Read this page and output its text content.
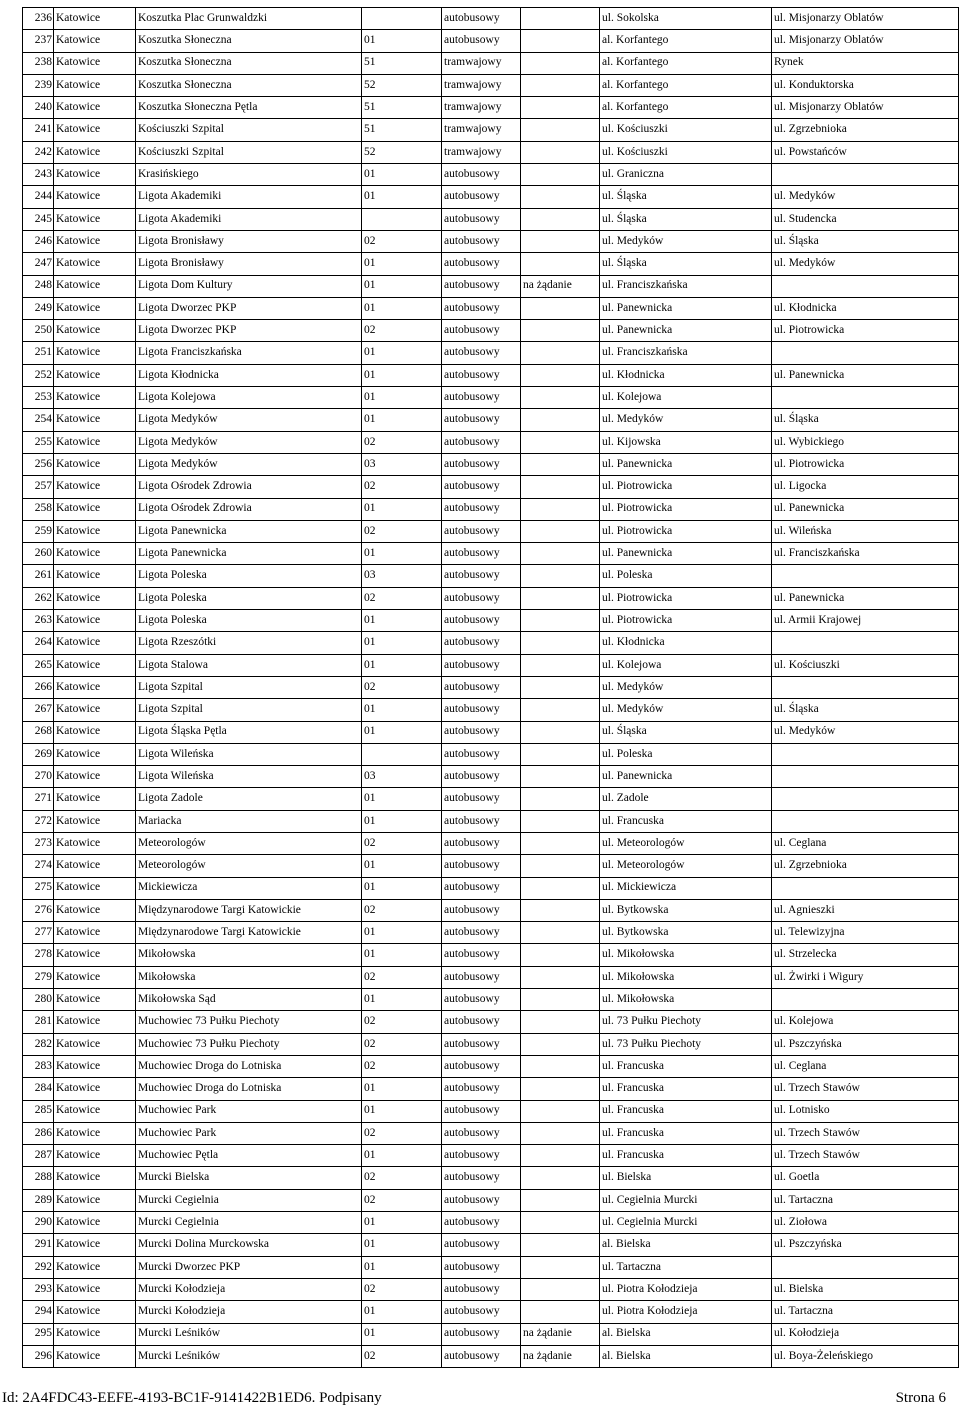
236	Katowice	Koszutka Plac Grunwaldzki		autobusowy		ul. Sokolska	ul. Misjonarzy Oblatów
237	Katowice	Koszutka Słoneczna	01	autobusowy		al. Korfantego	ul. Misjonarzy Oblatów
238	Katowice	Koszutka Słoneczna	51	tramwajowy		al. Korfantego	Rynek
239	Katowice	Koszutka Słoneczna	52	tramwajowy		al. Korfantego	ul. Konduktorska
240	Katowice	Koszutka Słoneczna Pętla	51	tramwajowy		al. Korfantego	ul. Misjonarzy Oblatów
241	Katowice	Kościuszki Szpital	51	tramwajowy		ul. Kościuszki	ul. Zgrzebnioka
242	Katowice	Kościuszki Szpital	52	tramwajowy		ul. Kościuszki	ul. Powstańców
243	Katowice	Krasińskiego	01	autobusowy		ul. Graniczna	
244	Katowice	Ligota Akademiki	01	autobusowy		ul. Śląska	ul. Medyków
245	Katowice	Ligota Akademiki		autobusowy		ul. Śląska	ul. Studencka
246	Katowice	Ligota Bronisławy	02	autobusowy		ul. Medyków	ul. Śląska
247	Katowice	Ligota Bronisławy	01	autobusowy		ul. Śląska	ul. Medyków
248	Katowice	Ligota Dom Kultury	01	autobusowy	na żądanie	ul. Franciszkańska	
249	Katowice	Ligota Dworzec PKP	01	autobusowy		ul. Panewnicka	ul. Kłodnicka
250	Katowice	Ligota Dworzec PKP	02	autobusowy		ul. Panewnicka	ul. Piotrowicka
251	Katowice	Ligota Franciszkańska	01	autobusowy		ul. Franciszkańska	
252	Katowice	Ligota Kłodnicka	01	autobusowy		ul. Kłodnicka	ul. Panewnicka
253	Katowice	Ligota Kolejowa	01	autobusowy		ul. Kolejowa	
254	Katowice	Ligota Medyków	01	autobusowy		ul. Medyków	ul. Śląska
255	Katowice	Ligota Medyków	02	autobusowy		ul. Kijowska	ul. Wybickiego
256	Katowice	Ligota Medyków	03	autobusowy		ul. Panewnicka	ul. Piotrowicka
257	Katowice	Ligota Ośrodek Zdrowia	02	autobusowy		ul. Piotrowicka	ul. Ligocka
258	Katowice	Ligota Ośrodek Zdrowia	01	autobusowy		ul. Piotrowicka	ul. Panewnicka
259	Katowice	Ligota Panewnicka	02	autobusowy		ul. Piotrowicka	ul. Wileńska
260	Katowice	Ligota Panewnicka	01	autobusowy		ul. Panewnicka	ul. Franciszkańska
261	Katowice	Ligota Poleska	03	autobusowy		ul. Poleska	
262	Katowice	Ligota Poleska	02	autobusowy		ul. Piotrowicka	ul. Panewnicka
263	Katowice	Ligota Poleska	01	autobusowy		ul. Piotrowicka	ul. Armii Krajowej
264	Katowice	Ligota Rzeszótki	01	autobusowy		ul. Kłodnicka	
265	Katowice	Ligota Stalowa	01	autobusowy		ul. Kolejowa	ul. Kościuszki
266	Katowice	Ligota Szpital	02	autobusowy		ul. Medyków	
267	Katowice	Ligota Szpital	01	autobusowy		ul. Medyków	ul. Śląska
268	Katowice	Ligota Śląska Pętla	01	autobusowy		ul. Śląska	ul. Medyków
269	Katowice	Ligota Wileńska		autobusowy		ul. Poleska	
270	Katowice	Ligota Wileńska	03	autobusowy		ul. Panewnicka	
271	Katowice	Ligota Zadole	01	autobusowy		ul. Zadole	
272	Katowice	Mariacka	01	autobusowy		ul. Francuska	
273	Katowice	Meteorologów	02	autobusowy		ul. Meteorologów	ul. Ceglana
274	Katowice	Meteorologów	01	autobusowy		ul. Meteorologów	ul. Zgrzebnioka
275	Katowice	Mickiewicza	01	autobusowy		ul. Mickiewicza	
276	Katowice	Międzynarodowe Targi Katowickie	02	autobusowy		ul. Bytkowska	ul. Agnieszki
277	Katowice	Międzynarodowe Targi Katowickie	01	autobusowy		ul. Bytkowska	ul. Telewizyjna
278	Katowice	Mikołowska	01	autobusowy		ul. Mikołowska	ul. Strzelecka
279	Katowice	Mikołowska	02	autobusowy		ul. Mikołowska	ul. Żwirki i Wigury
280	Katowice	Mikołowska Sąd	01	autobusowy		ul. Mikołowska	
281	Katowice	Muchowiec 73 Pułku Piechoty	02	autobusowy		ul. 73 Pułku Piechoty	ul. Kolejowa
282	Katowice	Muchowiec 73 Pułku Piechoty	02	autobusowy		ul. 73 Pułku Piechoty	ul. Pszczyńska
283	Katowice	Muchowiec Droga do Lotniska	02	autobusowy		ul. Francuska	ul. Ceglana
284	Katowice	Muchowiec Droga do Lotniska	01	autobusowy		ul. Francuska	ul. Trzech Stawów
285	Katowice	Muchowiec Park	01	autobusowy		ul. Francuska	ul. Lotnisko
286	Katowice	Muchowiec Park	02	autobusowy		ul. Francuska	ul. Trzech Stawów
287	Katowice	Muchowiec Pętla	01	autobusowy		ul. Francuska	ul. Trzech Stawów
288	Katowice	Murcki Bielska	02	autobusowy		ul. Bielska	ul. Goetla
289	Katowice	Murcki Cegielnia	02	autobusowy		ul. Cegielnia Murcki	ul. Tartaczna
290	Katowice	Murcki Cegielnia	01	autobusowy		ul. Cegielnia Murcki	ul. Ziołowa
291	Katowice	Murcki Dolina Murckowska	01	autobusowy		al. Bielska	ul. Pszczyńska
292	Katowice	Murcki Dworzec PKP	01	autobusowy		ul. Tartaczna	
293	Katowice	Murcki Kołodzieja	02	autobusowy		ul. Piotra Kołodzieja	ul. Bielska
294	Katowice	Murcki Kołodzieja	01	autobusowy		ul. Piotra Kołodzieja	ul. Tartaczna
295	Katowice	Murcki Leśników	01	autobusowy	na żądanie	al. Bielska	ul. Kołodzieja
296	Katowice	Murcki Leśników	02	autobusowy	na żądanie	al. Bielska	ul. Boya-Żeleńskiego
Id: 2A4FDC43-EEFE-4193-BC1F-9141422B1ED6. Podpisany	Strona 6
